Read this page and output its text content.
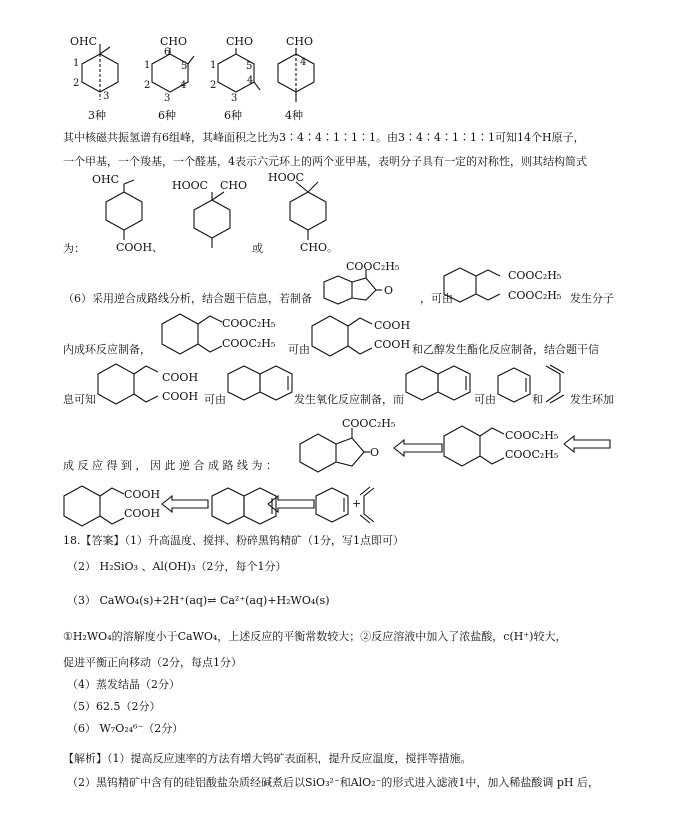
OHC
1
2
3
3种
CHO
6
1	5
2	4
3
6种
CHO
1	5
2	4
3
6种
CHO
4
4种
其中核磁共振氢谱有6组峰，其峰面积之比为3∶4∶4∶1∶1∶1。由3∶4∶4∶1∶1∶1可知14个H原子，
一个甲基，一个羧基，一个醛基，4表示六元环上的两个亚甲基，表明分子具有一定的对称性，则其结构简式
为：
OHC
COOH、
HOOC CHO
或
HOOC
CHO。
（6）采用逆合成路线分析，结合题干信息，若制备
COOC₂H₅
O
，可由
COOC₂H₅
COOC₂H₅ 发生分子
内成环反应制备，
COOC₂H₅
COOC₂H₅ 可由
COOH
COOH 和乙醇发生酯化反应制备，结合题干信
息可知
COOH
COOH 可由	发生氧化反应制备，而	可由	和 发生环加
成 反 应 得 到 ， 因 此 逆 合 成 路 线 为 ：
COOC₂H₅
O
COOC₂H₅
COOC₂H₅
COOH
COOH
+
18.【答案】（1）升高温度、搅拌、粉碎黑钨精矿（1分，写1点即可）
（2） H₂SiO₃ 、Al(OH)₃（2分，每个1分）
（3） CaWO₄(s)+2H⁺(aq)⇌ Ca²⁺(aq)+H₂WO₄(s)
①H₂WO₄的溶解度小于CaWO₄，上述反应的平衡常数较大；②反应溶液中加入了浓盐酸，c(H⁺)较大，
促进平衡正向移动（2分，每点1分）
（4）蒸发结晶（2分）
（5）62.5（2分）
（6） W₇O₂₄⁶⁻（2分）
【解析】（1）提高反应速率的方法有增大钨矿表面积，提升反应温度，搅拌等措施。
（2）黑钨精矿中含有的硅铝酸盐杂质经碱煮后以SiO₃²⁻和AlO₂⁻的形式进入滤液1中，加入稀盐酸调 pH 后，
